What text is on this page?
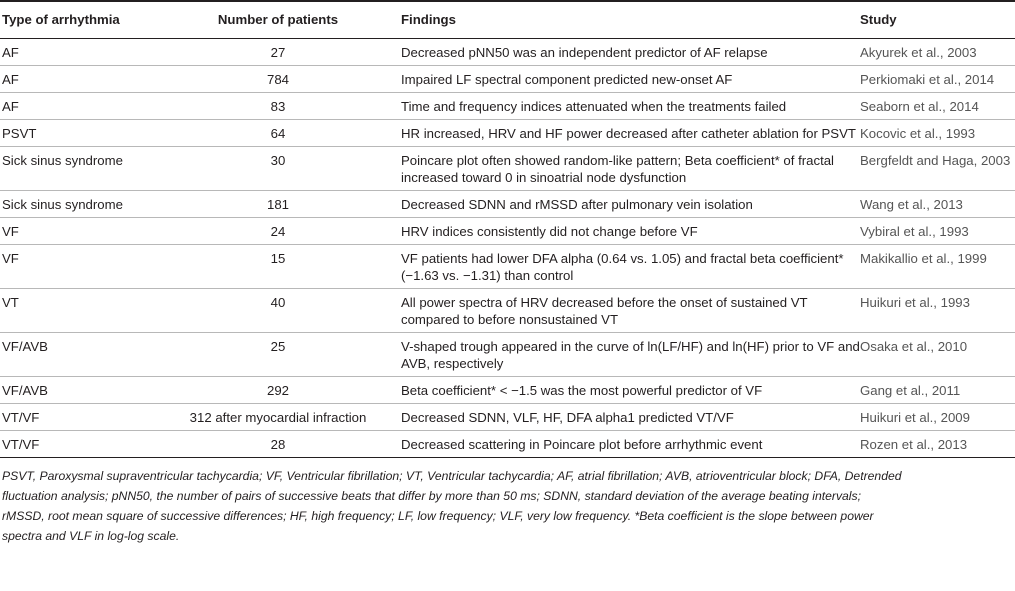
Type of arrhythmia	Number of patients	Findings	Study
AF	27	Decreased pNN50 was an independent predictor of AF relapse	Akyurek et al., 2003
AF	784	Impaired LF spectral component predicted new-onset AF	Perkiomaki et al., 2014
AF	83	Time and frequency indices attenuated when the treatments failed	Seaborn et al., 2014
PSVT	64	HR increased, HRV and HF power decreased after catheter ablation for PSVT	Kocovic et al., 1993
Sick sinus syndrome	30	Poincare plot often showed random-like pattern; Beta coefficient* of fractal increased toward 0 in sinoatrial node dysfunction	Bergfeldt and Haga, 2003
Sick sinus syndrome	181	Decreased SDNN and rMSSD after pulmonary vein isolation	Wang et al., 2013
VF	24	HRV indices consistently did not change before VF	Vybiral et al., 1993
VF	15	VF patients had lower DFA alpha (0.64 vs. 1.05) and fractal beta coefficient* (−1.63 vs. −1.31) than control	Makikallio et al., 1999
VT	40	All power spectra of HRV decreased before the onset of sustained VT compared to before nonsustained VT	Huikuri et al., 1993
VF/AVB	25	V-shaped trough appeared in the curve of ln(LF/HF) and ln(HF) prior to VF and AVB, respectively	Osaka et al., 2010
VF/AVB	292	Beta coefficient* < −1.5 was the most powerful predictor of VF	Gang et al., 2011
VT/VF	312 after myocardial infraction	Decreased SDNN, VLF, HF, DFA alpha1 predicted VT/VF	Huikuri et al., 2009
VT/VF	28	Decreased scattering in Poincare plot before arrhythmic event	Rozen et al., 2013
PSVT, Paroxysmal supraventricular tachycardia; VF, Ventricular fibrillation; VT, Ventricular tachycardia; AF, atrial fibrillation; AVB, atrioventricular block; DFA, Detrended
fluctuation analysis; pNN50, the number of pairs of successive beats that differ by more than 50 ms; SDNN, standard deviation of the average beating intervals;
rMSSD, root mean square of successive differences; HF, high frequency; LF, low frequency; VLF, very low frequency. *Beta coefficient is the slope between power
spectra and VLF in log-log scale.
